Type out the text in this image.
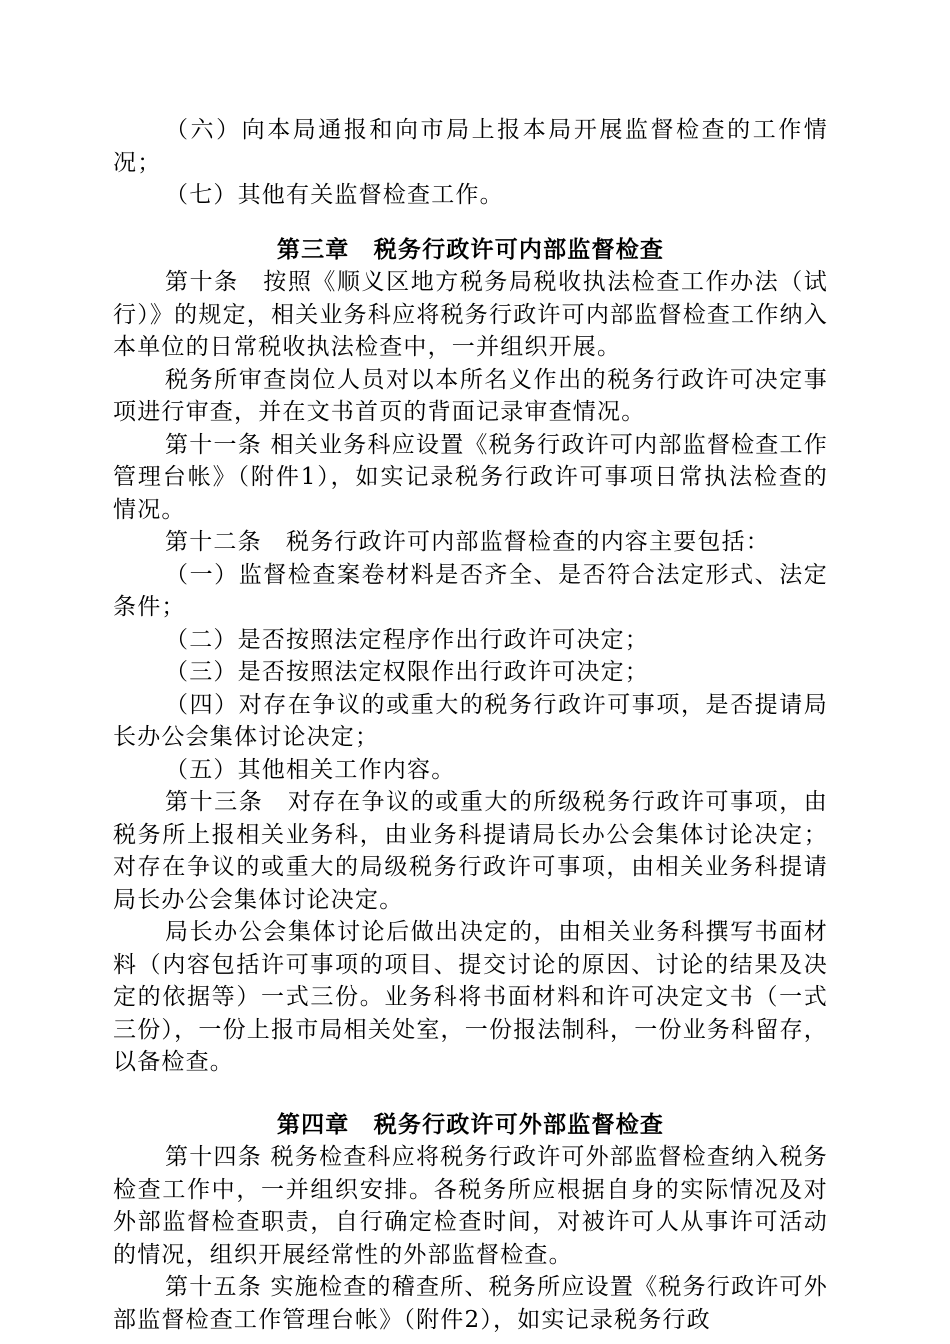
（六）向本局通报和向市局上报本局开展监督检查的工作情况；

（七）其他有关监督检查工作。

第三章　税务行政许可内部监督检查

第十条　按照《顺义区地方税务局税收执法检查工作办法（试行）》的规定，相关业务科应将税务行政许可内部监督检查工作纳入本单位的日常税收执法检查中，一并组织开展。

税务所审查岗位人员对以本所名义作出的税务行政许可决定事项进行审查，并在文书首页的背面记录审查情况。

第十一条 相关业务科应设置《税务行政许可内部监督检查工作管理台帐》（附件1），如实记录税务行政许可事项日常执法检查的情况。

第十二条　税务行政许可内部监督检查的内容主要包括：

（一）监督检查案卷材料是否齐全、是否符合法定形式、法定条件；

（二）是否按照法定程序作出行政许可决定；

（三）是否按照法定权限作出行政许可决定；

（四）对存在争议的或重大的税务行政许可事项，是否提请局长办公会集体讨论决定；

（五）其他相关工作内容。

第十三条　对存在争议的或重大的所级税务行政许可事项，由税务所上报相关业务科，由业务科提请局长办公会集体讨论决定；对存在争议的或重大的局级税务行政许可事项，由相关业务科提请局长办公会集体讨论决定。

局长办公会集体讨论后做出决定的，由相关业务科撰写书面材料（内容包括许可事项的项目、提交讨论的原因、讨论的结果及决定的依据等）一式三份。业务科将书面材料和许可决定文书（一式三份），一份上报市局相关处室，一份报法制科，一份业务科留存，以备检查。

第四章　税务行政许可外部监督检查

第十四条 税务检查科应将税务行政许可外部监督检查纳入税务检查工作中，一并组织安排。各税务所应根据自身的实际情况及对外部监督检查职责，自行确定检查时间，对被许可人从事许可活动的情况，组织开展经常性的外部监督检查。

第十五条 实施检查的稽查所、税务所应设置《税务行政许可外部监督检查工作管理台帐》（附件2），如实记录税务行政
